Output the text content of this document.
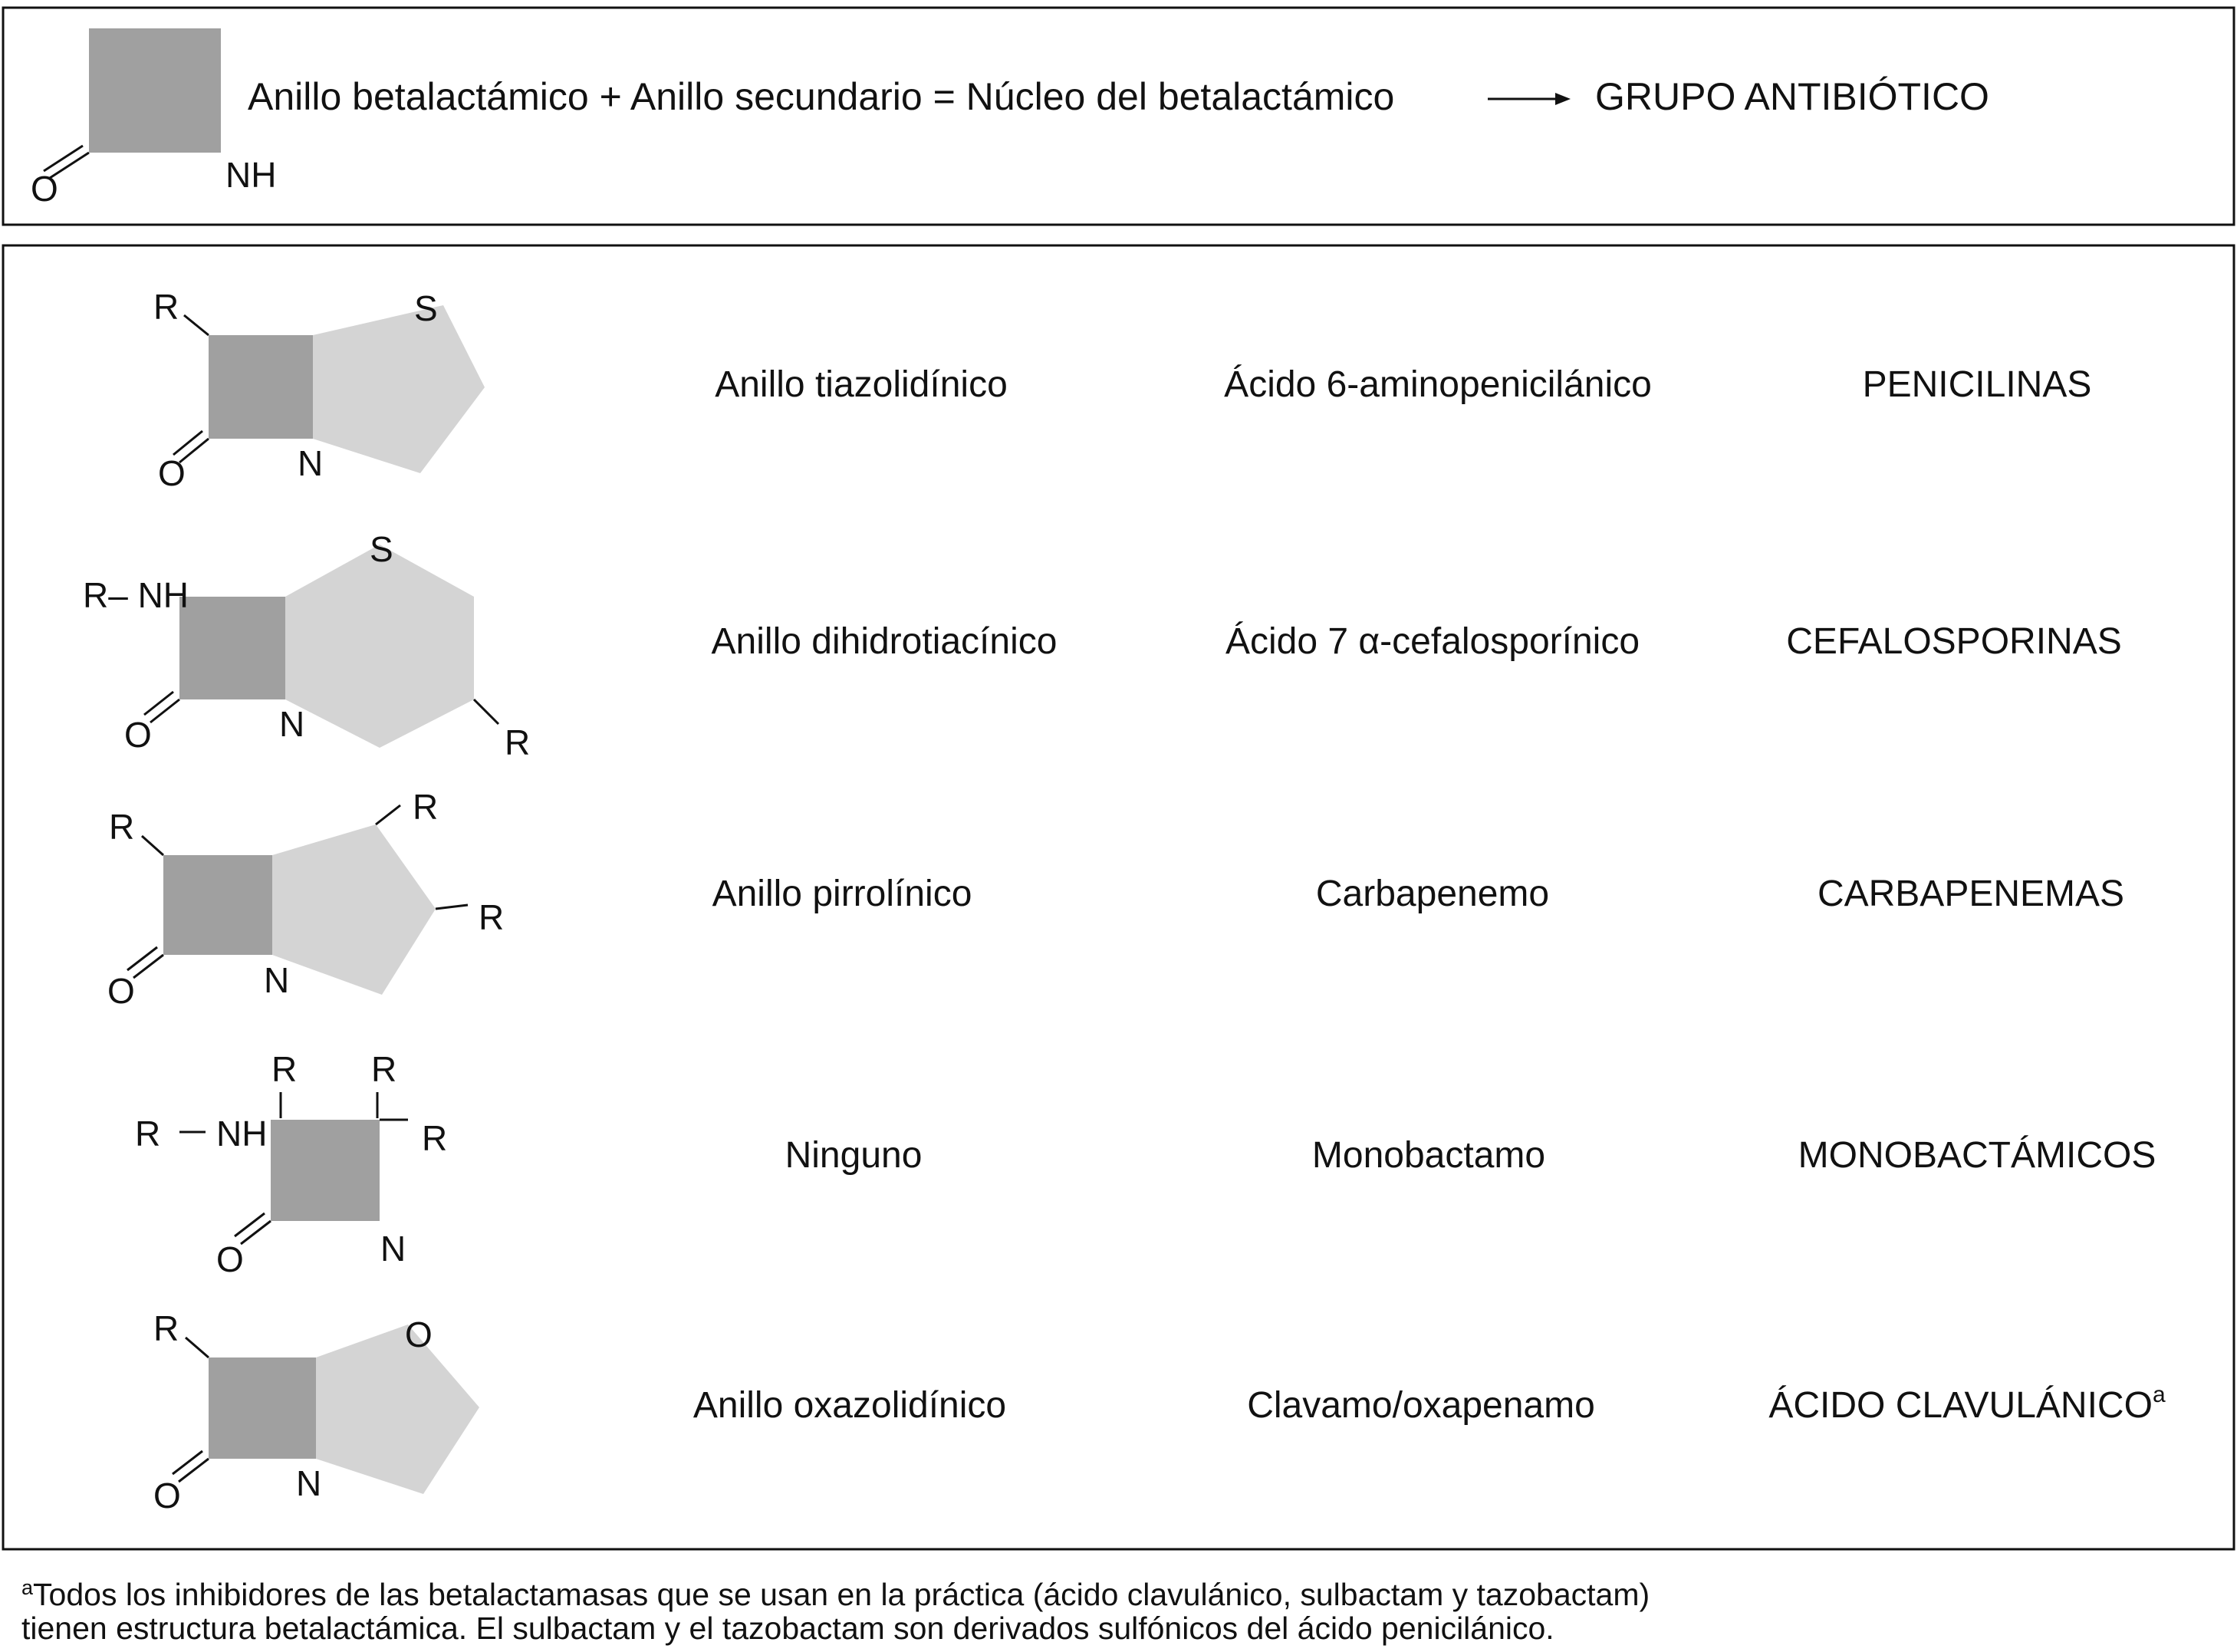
O	NH
Anillo betalactámico + Anillo secundario = Núcleo del betalactámico	GRUPO ANTIBIÓTICO
R	S
O	N
Anillo tiazolidínico	Ácido 6-aminopenicilánico	PENICILINAS
R– NH
S
O	N	R
Anillo dihidrotiacínico	Ácido 7 α-cefalosporínico	CEFALOSPORINAS
R	R
R
O	N
Anillo pirrolínico	Carbapenemo	CARBAPENEMAS
R NH
R R
R
O	N
Ninguno	Monobactamo	MONOBACTÁMICOS
R	O
O	N
Anillo oxazolidínico	Clavamo/oxapenamo	ÁCIDO CLAVULÁNICO$^a$
$^a$Todos los inhibidores de las betalactamasas que se usan en la práctica (ácido clavulánico, sulbactam y tazobactam)
tienen estructura betalactámica. El sulbactam y el tazobactam son derivados sulfónicos del ácido penicilánico.
